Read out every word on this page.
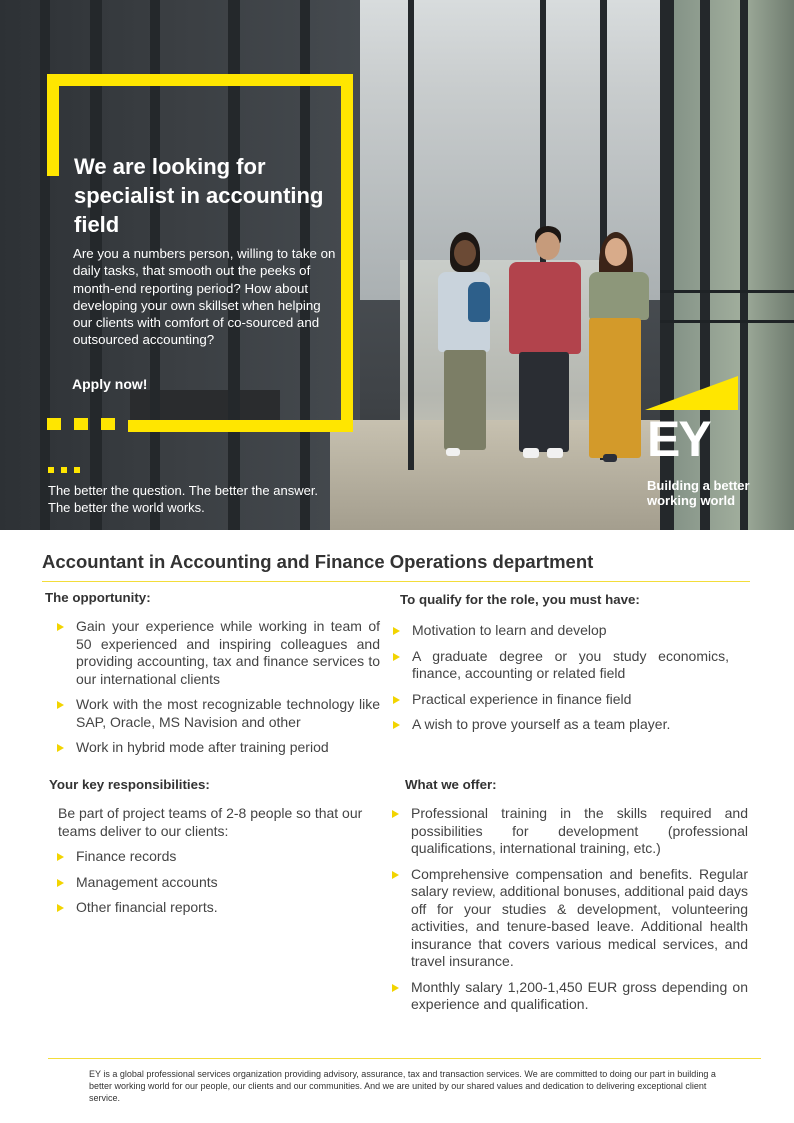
We are looking for specialist in accounting field

Are you a numbers person, willing to take on daily tasks, that smooth out the peeks of month-end reporting period? How about developing your own skillset when helping our clients with comfort of co-sourced and outsourced accounting?

Apply now!
The better the question. The better the answer.
The better the world works.
EY
Building a better working world
Accountant in Accounting and Finance Operations department
The opportunity:
Gain your experience while working in team of 50 experienced and inspiring colleagues and providing accounting, tax and finance services to our international clients
Work with the most recognizable technology like SAP, Oracle, MS Navision and other
Work in hybrid mode after training period
To qualify for the role, you must have:
Motivation to learn and develop
A graduate degree or you study economics, finance, accounting or related field
Practical experience in finance field
A wish to prove yourself as a team player.
Your key responsibilities:

Be part of project teams of 2-8 people so that our teams deliver to our clients:

Finance records
Management accounts
Other financial reports.
What we offer:
Professional training in the skills required and possibilities for development (professional qualifications, international training, etc.)
Comprehensive compensation and benefits. Regular salary review, additional bonuses, additional paid days off for your studies & development, volunteering activities, and tenure-based leave. Additional health insurance that covers various medical services, and travel insurance.
Monthly salary 1,200-1,450 EUR gross depending on experience and qualification.

EY is a global professional services organization providing advisory, assurance, tax and transaction services. We are committed to doing our part in building a better working world for our people, our clients and our communities. And we are united by our shared values and dedication to delivering exceptional client service.
